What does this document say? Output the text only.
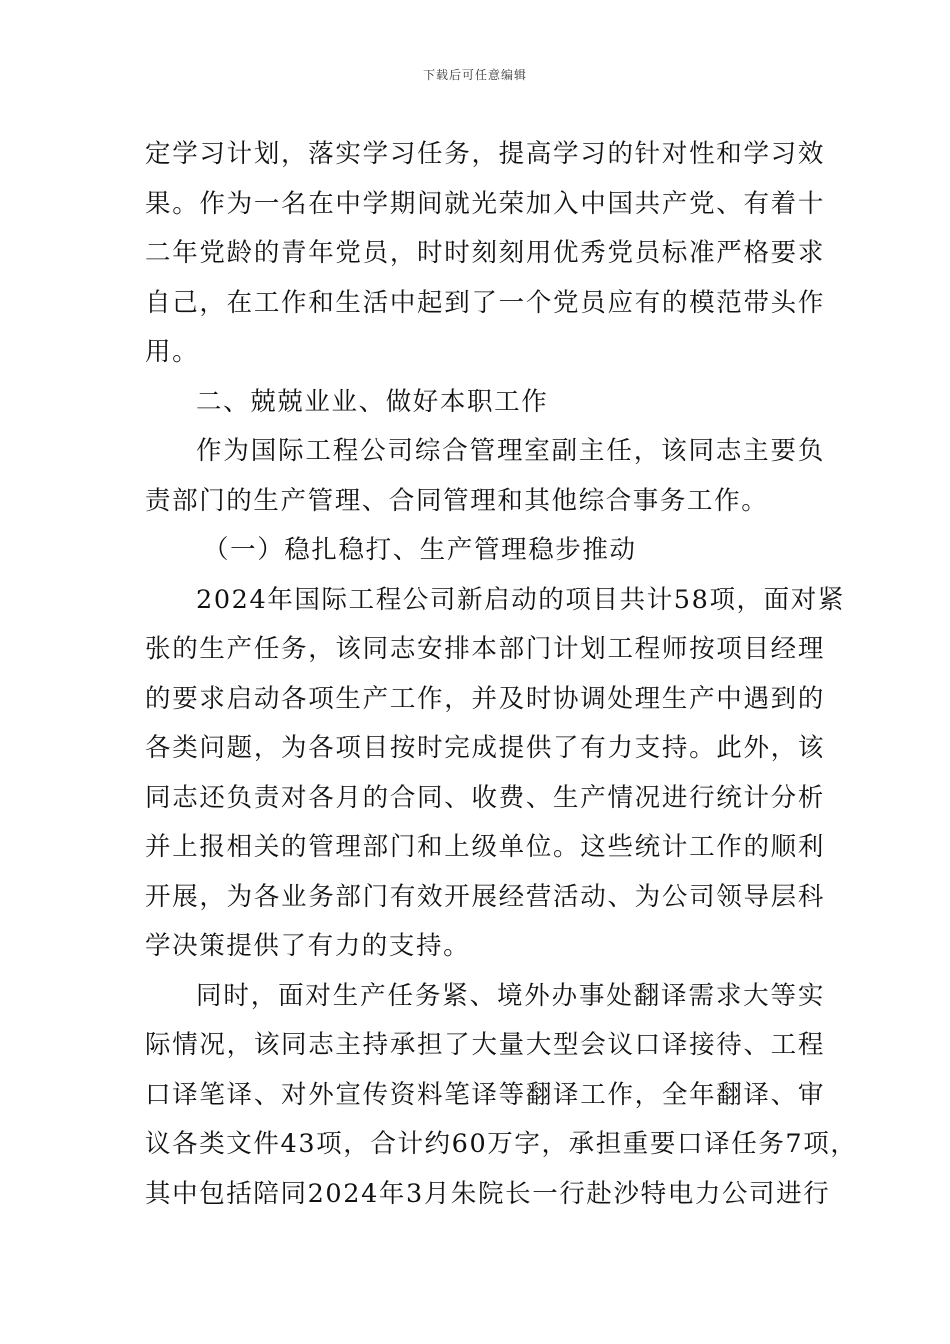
下载后可任意编辑
定学习计划，落实学习任务，提高学习的针对性和学习效
果。作为一名在中学期间就光荣加入中国共产党、有着十
二年党龄的青年党员，时时刻刻用优秀党员标准严格要求
自己，在工作和生活中起到了一个党员应有的模范带头作
用。
二、兢兢业业、做好本职工作
作为国际工程公司综合管理室副主任，该同志主要负
责部门的生产管理、合同管理和其他综合事务工作。
（一）稳扎稳打、生产管理稳步推动
2024年国际工程公司新启动的项目共计58项，面对紧
张的生产任务，该同志安排本部门计划工程师按项目经理
的要求启动各项生产工作，并及时协调处理生产中遇到的
各类问题，为各项目按时完成提供了有力支持。此外，该
同志还负责对各月的合同、收费、生产情况进行统计分析
并上报相关的管理部门和上级单位。这些统计工作的顺利
开展，为各业务部门有效开展经营活动、为公司领导层科
学决策提供了有力的支持。
同时，面对生产任务紧、境外办事处翻译需求大等实
际情况，该同志主持承担了大量大型会议口译接待、工程
口译笔译、对外宣传资料笔译等翻译工作，全年翻译、审
议各类文件43项，合计约60万字，承担重要口译任务7项，
其中包括陪同2024年3月朱院长一行赴沙特电力公司进行
